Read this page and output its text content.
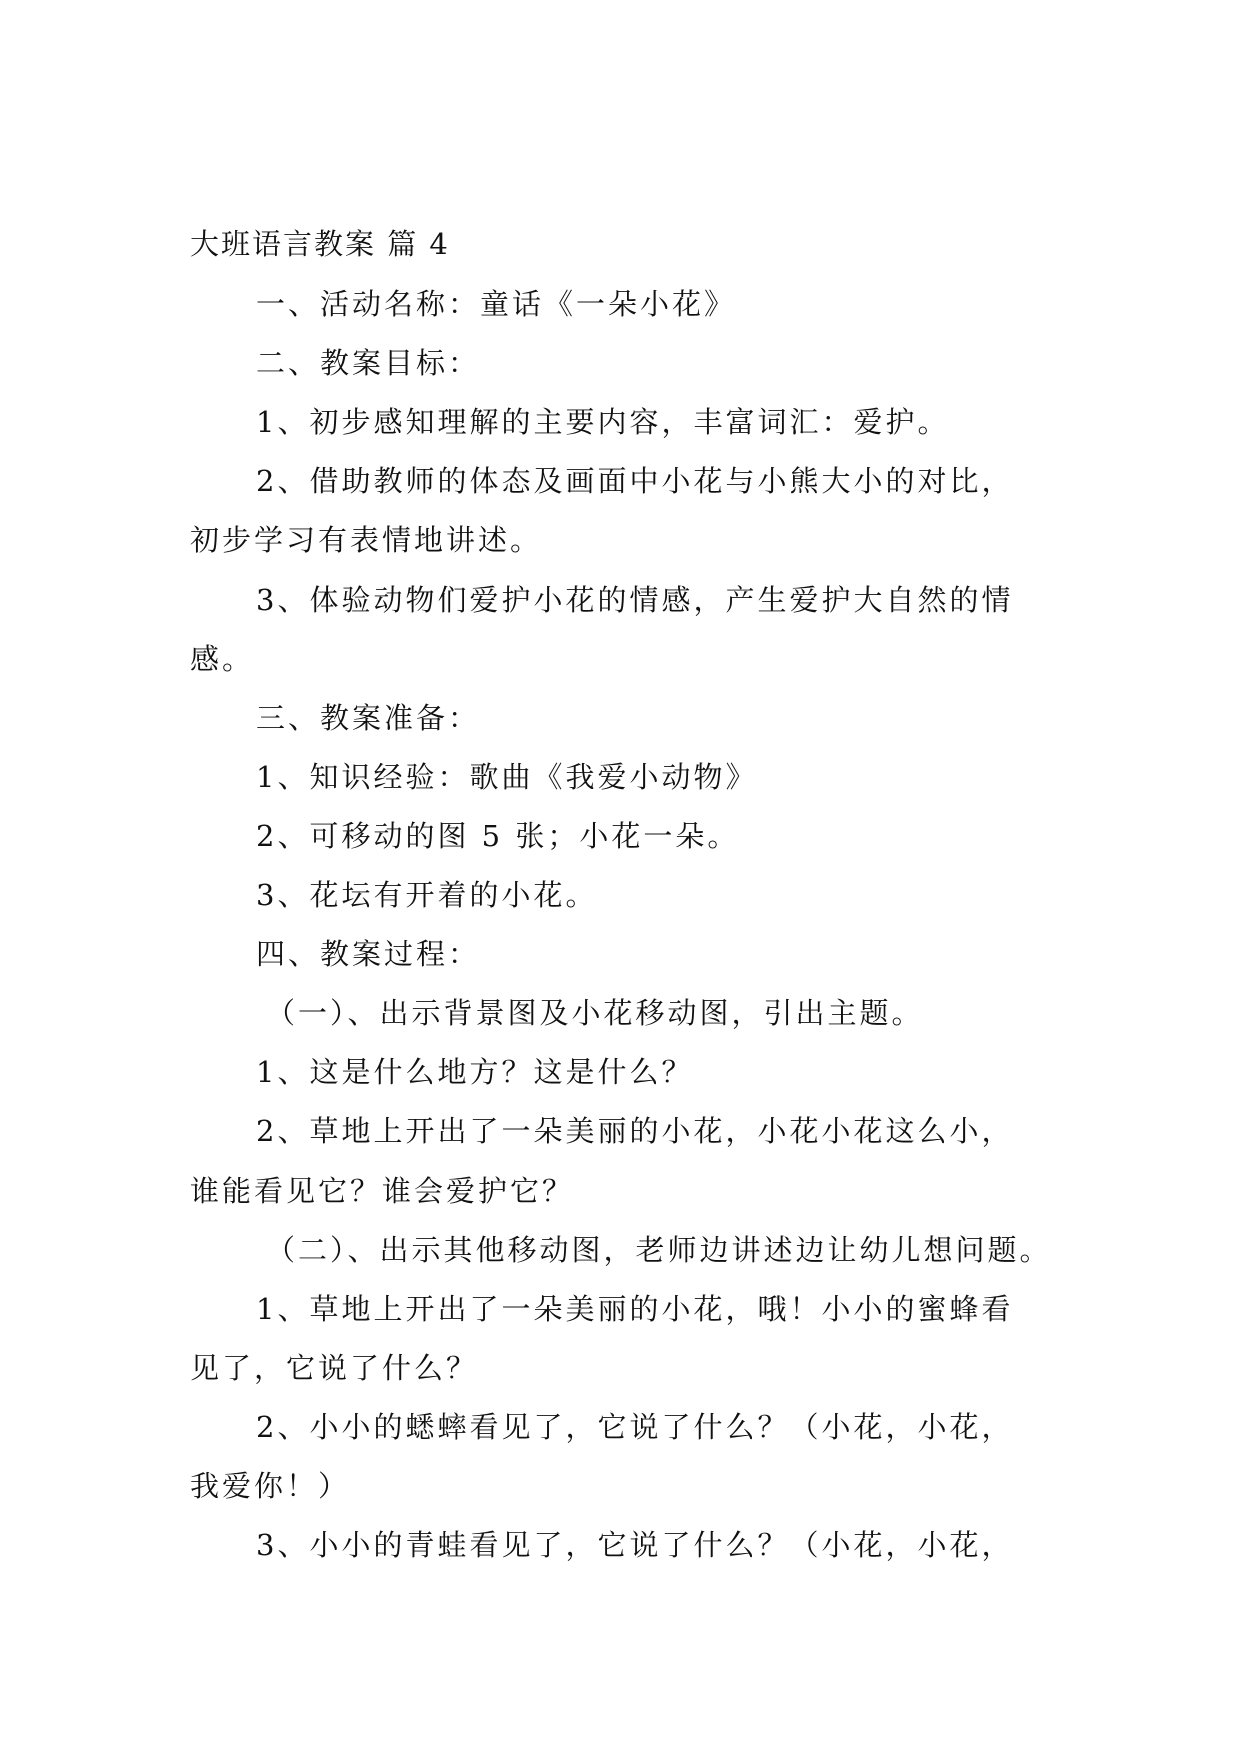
大班语言教案 篇 4
一、活动名称：童话《一朵小花》
二、教案目标：
1、初步感知理解的主要内容，丰富词汇：爱护。
2、借助教师的体态及画面中小花与小熊大小的对比，
初步学习有表情地讲述。
3、体验动物们爱护小花的情感，产生爱护大自然的情
感。
三、教案准备：
1、知识经验：歌曲《我爱小动物》
2、可移动的图 5 张；小花一朵。
3、花坛有开着的小花。
四、教案过程：
（一）、出示背景图及小花移动图，引出主题。
1、这是什么地方？这是什么？
2、草地上开出了一朵美丽的小花，小花小花这么小，
谁能看见它？谁会爱护它？
（二）、出示其他移动图，老师边讲述边让幼儿想问题。
1、草地上开出了一朵美丽的小花，哦！小小的蜜蜂看
见了，它说了什么？
2、小小的蟋蟀看见了，它说了什么？（小花，小花，
我爱你！）
3、小小的青蛙看见了，它说了什么？（小花，小花，
